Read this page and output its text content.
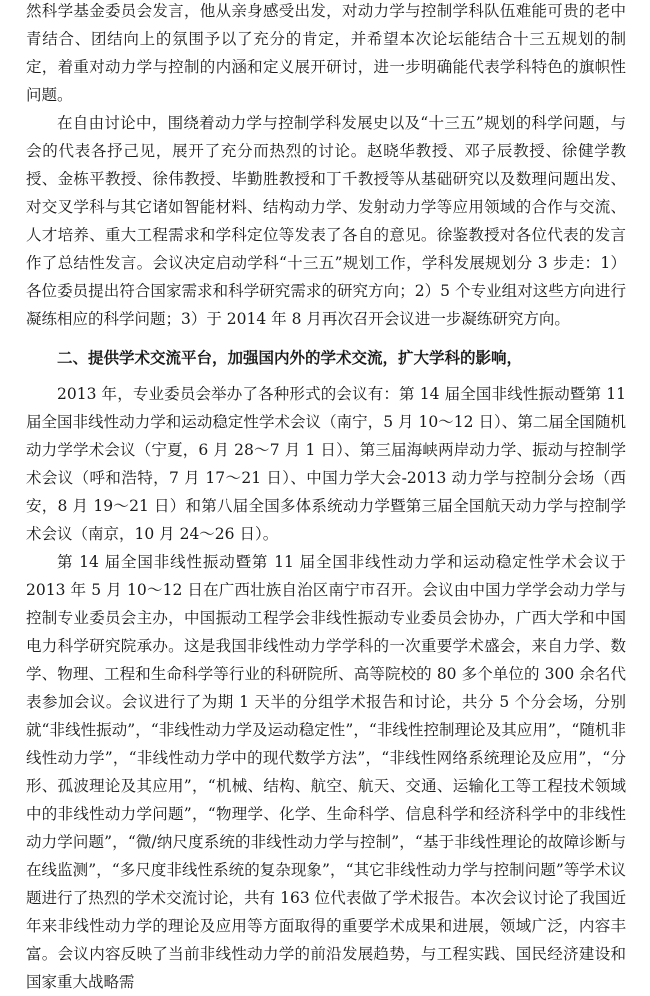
然科学基金委员会发言，他从亲身感受出发，对动力学与控制学科队伍难能可贵的老中青结合、团结向上的氛围予以了充分的肯定，并希望本次论坛能结合十三五规划的制定，着重对动力学与控制的内涵和定义展开研讨，进一步明确能代表学科特色的旗帜性问题。

在自由讨论中，围绕着动力学与控制学科发展史以及“十三五”规划的科学问题，与会的代表各抒己见，展开了充分而热烈的讨论。赵晓华教授、邓子辰教授、徐健学教授、金栋平教授、徐伟教授、毕勤胜教授和丁千教授等从基础研究以及数理问题出发、对交叉学科与其它诸如智能材料、结构动力学、发射动力学等应用领域的合作与交流、人才培养、重大工程需求和学科定位等发表了各自的意见。徐鉴教授对各位代表的发言作了总结性发言。会议决定启动学科“十三五”规划工作，学科发展规划分 3 步走：1）各位委员提出符合国家需求和科学研究需求的研究方向；2）5 个专业组对这些方向进行凝练相应的科学问题；3）于 2014 年 8 月再次召开会议进一步凝练研究方向。

二、提供学术交流平台，加强国内外的学术交流，扩大学科的影响，

2013 年，专业委员会举办了各种形式的会议有：第 14 届全国非线性振动暨第 11 届全国非线性动力学和运动稳定性学术会议（南宁，5 月 10～12 日）、第二届全国随机动力学学术会议（宁夏，6 月 28～7 月 1 日）、第三届海峡两岸动力学、振动与控制学术会议（呼和浩特，7 月 17～21 日）、中国力学大会-2013 动力学与控制分会场（西安，8 月 19～21 日）和第八届全国多体系统动力学暨第三届全国航天动力学与控制学术会议（南京，10 月 24～26 日）。

第 14 届全国非线性振动暨第 11 届全国非线性动力学和运动稳定性学术会议于 2013 年 5 月 10～12 日在广西壮族自治区南宁市召开。会议由中国力学学会动力学与控制专业委员会主办，中国振动工程学会非线性振动专业委员会协办，广西大学和中国电力科学研究院承办。这是我国非线性动力学学科的一次重要学术盛会，来自力学、数学、物理、工程和生命科学等行业的科研院所、高等院校的 80 多个单位的 300 余名代表参加会议。会议进行了为期 1 天半的分组学术报告和讨论，共分 5 个分会场，分别就“非线性振动”，“非线性动力学及运动稳定性”，“非线性控制理论及其应用”，“随机非线性动力学”，“非线性动力学中的现代数学方法”，“非线性网络系统理论及应用”，“分形、孤波理论及其应用”，“机械、结构、航空、航天、交通、运输化工等工程技术领域中的非线性动力学问题”，“物理学、化学、生命科学、信息科学和经济科学中的非线性动力学问题”，“微/纳尺度系统的非线性动力学与控制”，“基于非线性理论的故障诊断与在线监测”，“多尺度非线性系统的复杂现象”，“其它非线性动力学与控制问题”等学术议题进行了热烈的学术交流讨论，共有 163 位代表做了学术报告。本次会议讨论了我国近年来非线性动力学的理论及应用等方面取得的重要学术成果和进展，领域广泛，内容丰富。会议内容反映了当前非线性动力学的前沿发展趋势，与工程实践、国民经济建设和国家重大战略需
